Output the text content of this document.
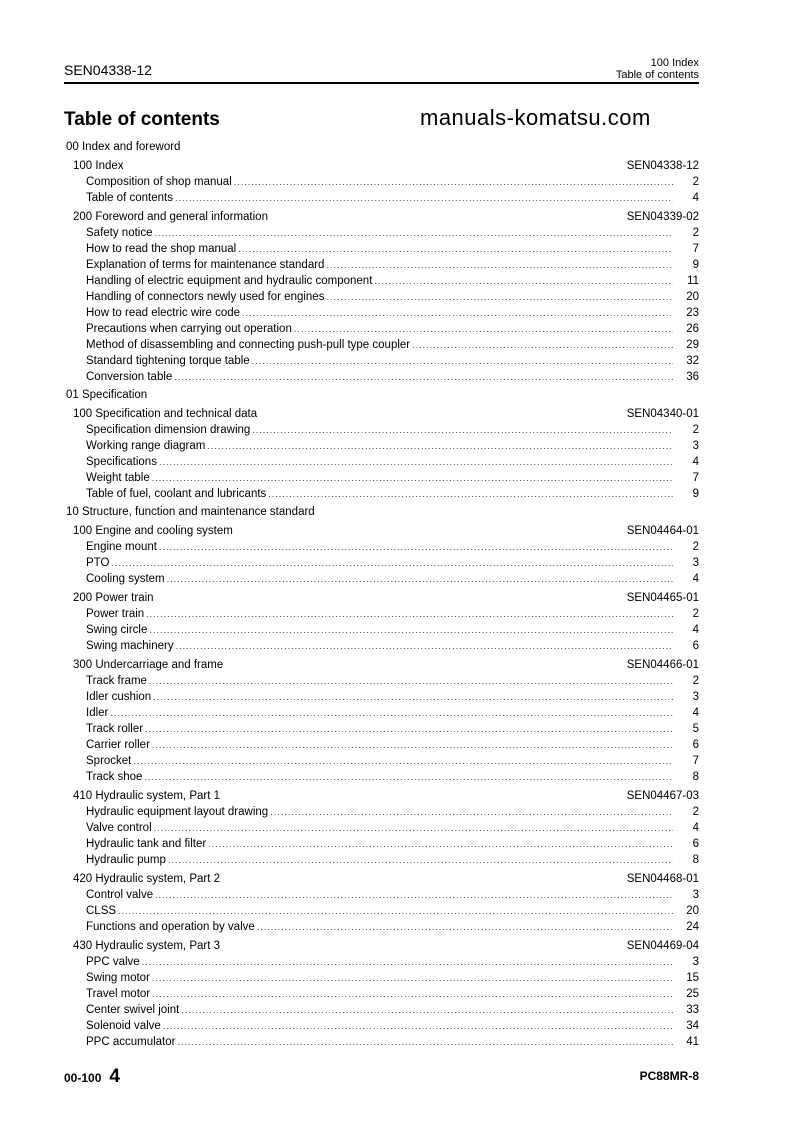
SEN04338-12	100 Index
Table of contents
Table of contents
00 Index and foreword
100 Index	SEN04338-12
Composition of shop manual .....	2
Table of contents .....	4
200 Foreword and general information	SEN04339-02
Safety notice .....	2
How to read the shop manual .....	7
Explanation of terms for maintenance standard .....	9
Handling of electric equipment and hydraulic component .....	11
Handling of connectors newly used for engines .....	20
How to read electric wire code .....	23
Precautions when carrying out operation .....	26
Method of disassembling and connecting push-pull type coupler .....	29
Standard tightening torque table .....	32
Conversion table .....	36
01 Specification
100 Specification and technical data	SEN04340-01
Specification dimension drawing .....	2
Working range diagram .....	3
Specifications .....	4
Weight table .....	7
Table of fuel, coolant and lubricants .....	9
10 Structure, function and maintenance standard
100 Engine and cooling system	SEN04464-01
Engine mount .....	2
PTO .....	3
Cooling system .....	4
200 Power train	SEN04465-01
Power train .....	2
Swing circle .....	4
Swing machinery .....	6
300 Undercarriage and frame	SEN04466-01
Track frame .....	2
Idler cushion .....	3
Idler .....	4
Track roller .....	5
Carrier roller .....	6
Sprocket .....	7
Track shoe .....	8
410 Hydraulic system, Part 1	SEN04467-03
Hydraulic equipment layout drawing .....	2
Valve control .....	4
Hydraulic tank and filter .....	6
Hydraulic pump .....	8
420 Hydraulic system, Part 2	SEN04468-01
Control valve .....	3
CLSS .....	20
Functions and operation by valve .....	24
430 Hydraulic system, Part 3	SEN04469-04
PPC valve .....	3
Swing motor .....	15
Travel motor .....	25
Center swivel joint .....	33
Solenoid valve .....	34
PPC accumulator .....	41
manuals-komatsu.com
00-100 4	PC88MR-8
